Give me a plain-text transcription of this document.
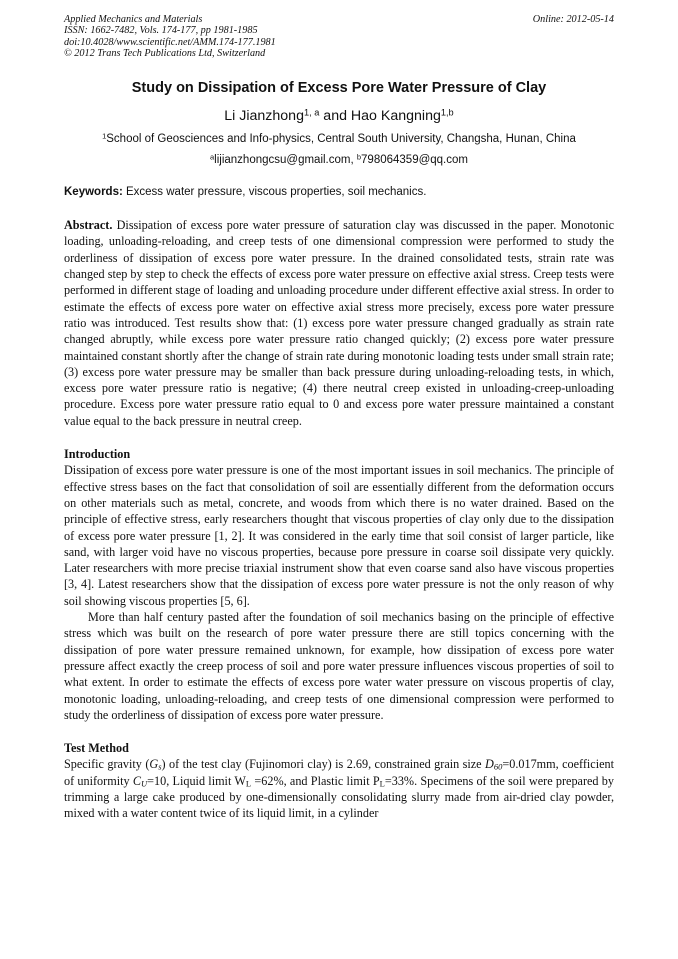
Applied Mechanics and Materials
ISSN: 1662-7482, Vols. 174-177, pp 1981-1985
doi:10.4028/www.scientific.net/AMM.174-177.1981
© 2012 Trans Tech Publications Ltd, Switzerland
Online: 2012-05-14
Study on Dissipation of Excess Pore Water Pressure of Clay
Li Jianzhong$^{1, a}$ and Hao Kangning$^{1,b}$
$^1$School of Geosciences and Info-physics, Central South University, Changsha, Hunan, China
$^a$lijianzhongcsu@gmail.com, $^b$798064359@qq.com
Keywords: Excess water pressure, viscous properties, soil mechanics.
Abstract. Dissipation of excess pore water pressure of saturation clay was discussed in the paper. Monotonic loading, unloading-reloading, and creep tests of one dimensional compression were performed to study the orderliness of dissipation of excess pore water pressure. In the drained consolidated tests, strain rate was changed step by step to check the effects of excess pore water pressure on effective axial stress. Creep tests were performed in different stage of loading and unloading procedure under different effective axial stress. In order to estimate the effects of excess pore water on effective axial stress more precisely, excess pore water pressure ratio was introduced. Test results show that: (1) excess pore water pressure changed gradually as strain rate changed abruptly, while excess pore water pressure ratio changed quickly; (2) excess pore water pressure maintained constant shortly after the change of strain rate during monotonic loading tests under small strain rate; (3) excess pore water pressure may be smaller than back pressure during unloading-reloading tests, in which, excess pore water pressure ratio is negative; (4) there neutral creep existed in unloading-creep-unloading procedure. Excess pore water pressure ratio equal to 0 and excess pore water pressure maintained a constant value equal to the back pressure in neutral creep.
Introduction
Dissipation of excess pore water pressure is one of the most important issues in soil mechanics. The principle of effective stress bases on the fact that consolidation of soil are essentially different from the deformation occurs on other materials such as metal, concrete, and woods from which there is no water drained. Based on the principle of effective stress, early researchers thought that viscous properties of clay only due to the dissipation of excess pore water pressure [1, 2]. It was considered in the early time that soil consist of larger particle, like sand, with larger void have no viscous properties, because pore pressure in coarse soil dissipate very quickly. Later researchers with more precise triaxial instrument show that even coarse sand also have viscous properties [3, 4]. Latest researchers show that the dissipation of excess pore water pressure is not the only reason of why soil showing viscous properties [5, 6].
More than half century pasted after the foundation of soil mechanics basing on the principle of effective stress which was built on the research of pore water pressure there are still topics concerning with the dissipation of pore water pressure remained unknown, for example, how dissipation of excess pore water pressure affect exactly the creep process of soil and pore water pressure influences viscous properties of soil to what extent. In order to estimate the effects of excess pore water water pressure on viscous propertis of clay, monotonic loading, unloading-reloading, and creep tests of one dimensional compression were performed to study the orderliness of dissipation of excess pore water pressure.
Test Method
Specific gravity $(G_s)$ of the test clay (Fujinomori clay) is 2.69, constrained grain size $D_{60}=0.017mm$, coefficient of uniformity $C_U=10$, Liquid limit $W_L =62\%$, and Plastic limit $P_L=33\%$. Specimens of the soil were prepared by trimming a large cake produced by one-dimensionally consolidating slurry made from air-dried clay powder, mixed with a water content twice of its liquid limit, in a cylinder
